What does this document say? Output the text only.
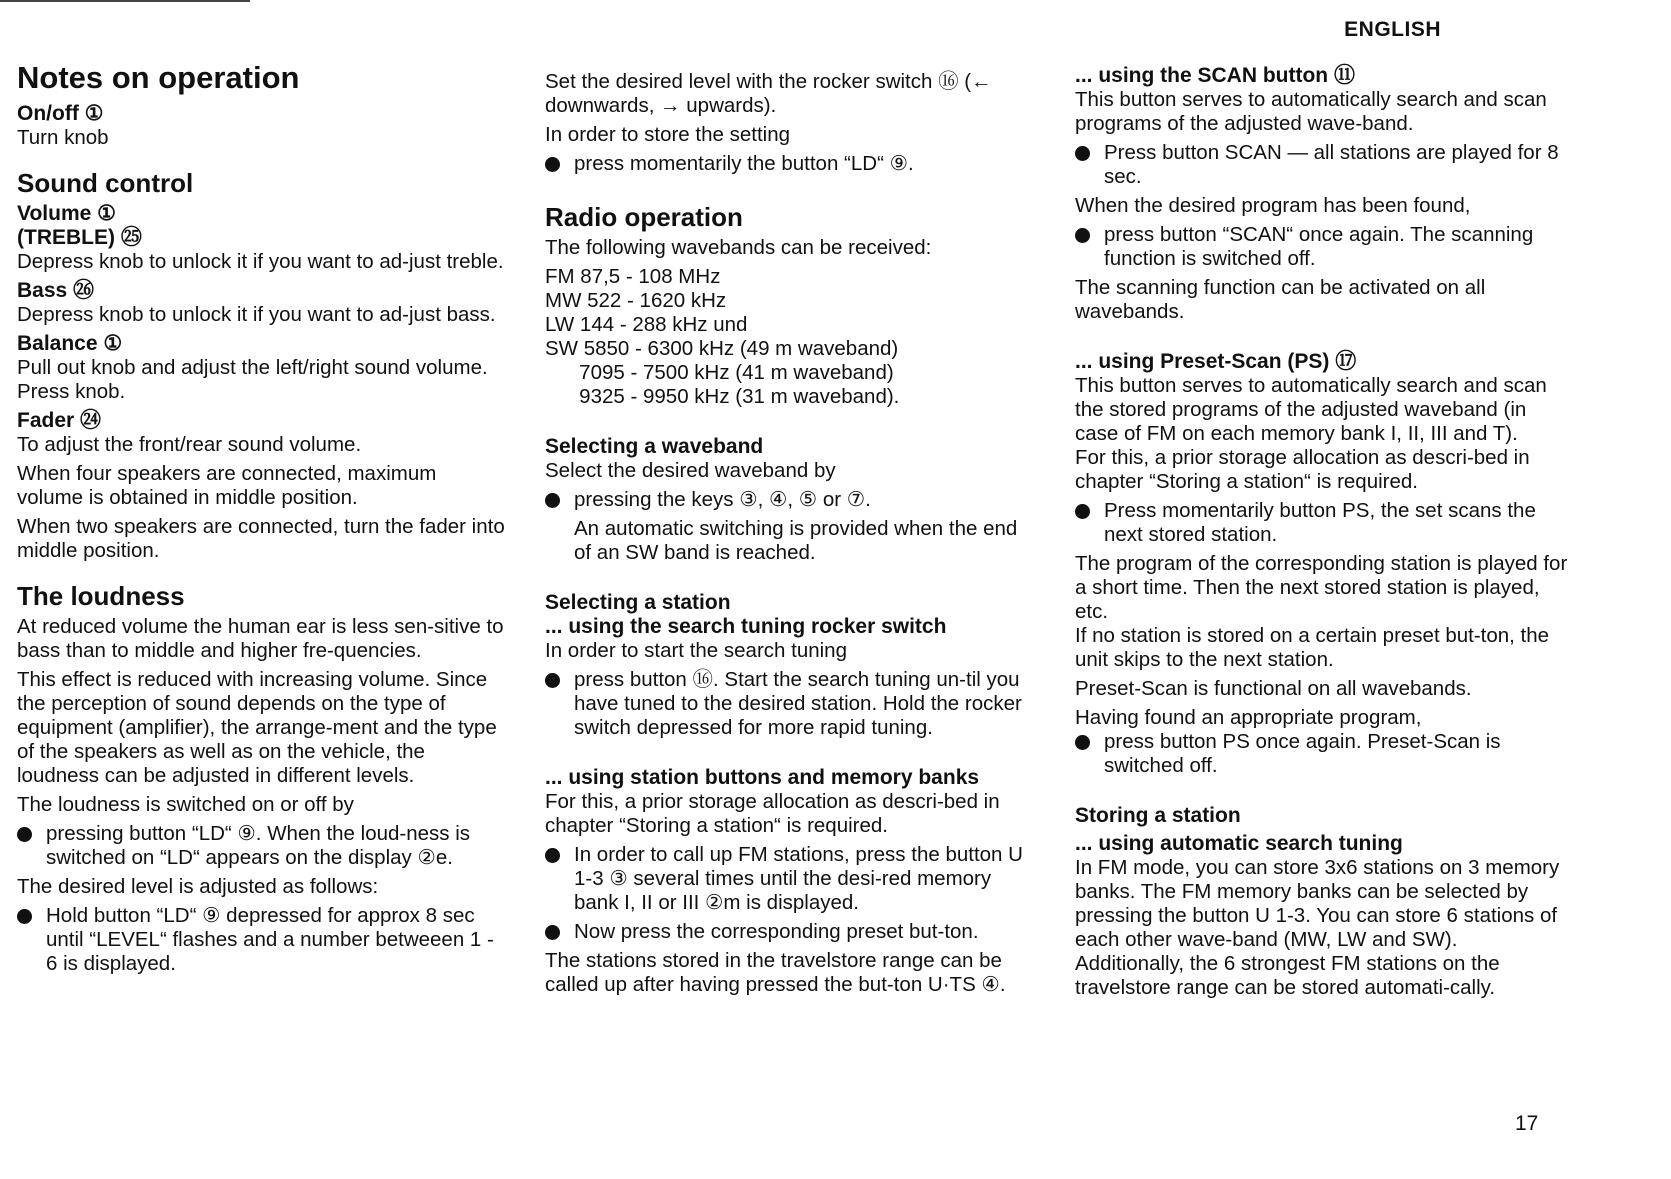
ENGLISH
17
Notes on operation
On/off ①

Turn knob

Sound control
Volume ①
(TREBLE) ㉕

Depress knob to unlock it if you want to ad-just treble.

Bass ㉖

Depress knob to unlock it if you want to ad-just bass.

Balance ①

Pull out knob and adjust the left/right sound volume.

Press knob.

Fader ㉔

To adjust the front/rear sound volume.

When four speakers are connected, maximum volume is obtained in middle position.

When two speakers are connected, turn the fader into middle position.

The loudness

At reduced volume the human ear is less sen-sitive to bass than to middle and higher fre-quencies.

This effect is reduced with increasing volume. Since the perception of sound depends on the type of equipment (amplifier), the arrange-ment and the type of the speakers as well as on the vehicle, the loudness can be adjusted in different levels.

The loudness is switched on or off by

pressing button “LD“ ⑨. When the loud-ness is switched on “LD“ appears on the display ②e.

The desired level is adjusted as follows:

Hold button “LD“ ⑨ depressed for approx 8 sec until “LEVEL“ flashes and a number betweeen 1 - 6 is displayed.

Set the desired level with the rocker switch ⑯ (← downwards, → upwards).

In order to store the setting

press momentarily the button “LD“ ⑨.
Radio operation

The following wavebands can be received:

FM 87,5 - 108 MHz
MW 522 - 1620 kHz
LW 144 - 288 kHz und
SW 5850 - 6300 kHz (49 m waveband)
7095 - 7500 kHz (41 m waveband)
9325 - 9950 kHz (31 m waveband).
Selecting a waveband

Select the desired waveband by

pressing the keys ③, ④, ⑤ or ⑦.

An automatic switching is provided when the end of an SW band is reached.

Selecting a station
... using the search tuning rocker switch

In order to start the search tuning

press button ⑯. Start the search tuning un-til you have tuned to the desired station. Hold the rocker switch depressed for more rapid tuning.
... using station buttons and memory banks

For this, a prior storage allocation as descri-bed in chapter “Storing a station“ is required.

In order to call up FM stations, press the button U 1-3 ③ several times until the desi-red memory bank I, II or III ②m is displayed.
Now press the corresponding preset but-ton.

The stations stored in the travelstore range can be called up after having pressed the but-ton U·TS ④.

... using the SCAN button ⑪

This button serves to automatically search and scan programs of the adjusted wave-band.

Press button SCAN — all stations are played for 8 sec.

When the desired program has been found,

press button “SCAN“ once again. The scanning function is switched off.

The scanning function can be activated on all wavebands.

... using Preset-Scan (PS) ⑰

This button serves to automatically search and scan the stored programs of the adjusted waveband (in case of FM on each memory bank I, II, III and T).

For this, a prior storage allocation as descri-bed in chapter “Storing a station“ is required.

Press momentarily button PS, the set scans the next stored station.

The program of the corresponding station is played for a short time. Then the next stored station is played, etc.

If no station is stored on a certain preset but-ton, the unit skips to the next station.

Preset-Scan is functional on all wavebands.

Having found an appropriate program,

press button PS once again. Preset-Scan is switched off.
Storing a station
... using automatic search tuning

In FM mode, you can store 3x6 stations on 3 memory banks. The FM memory banks can be selected by pressing the button U 1-3. You can store 6 stations of each other wave-band (MW, LW and SW). Additionally, the 6 strongest FM stations on the travelstore range can be stored automati-cally.
